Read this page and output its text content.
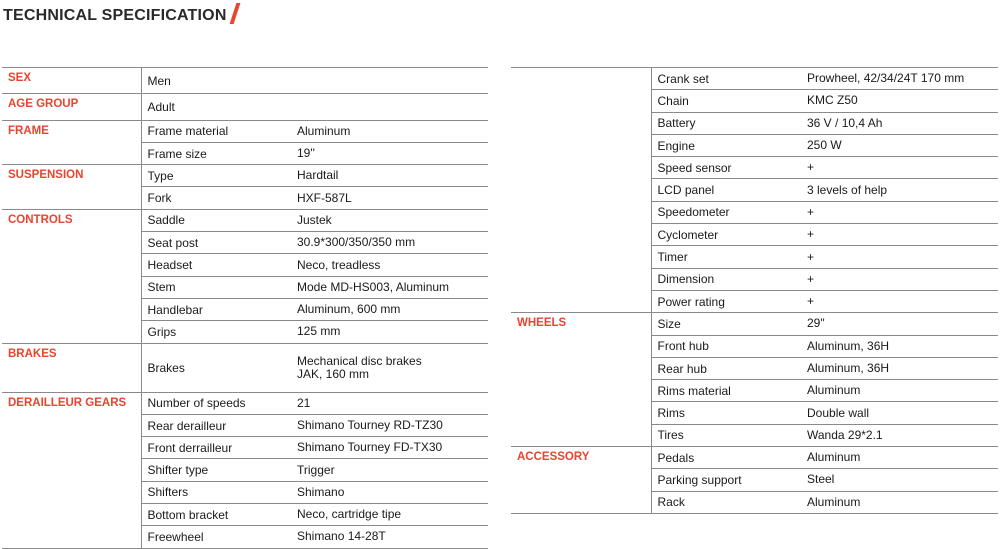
TECHNICAL SPECIFICATION
SEX	Men	

AGE GROUP	Adult	

FRAME	Frame material	Aluminum

	Frame size	19''

SUSPENSION	Type	Hardtail

	Fork	HXF-587L

CONTROLS	Saddle	Justek

	Seat post	30.9*300/350/350 mm

	Headset	Neco, treadless

	Stem	Mode MD-HS003, Aluminum

	Handlebar	Aluminum, 600 mm

	Grips	125 mm

BRAKES	Brakes	Mechanical disc brakes
JAK, 160 mm

DERAILLEUR GEARS	Number of speeds	21

	Rear derailleur	Shimano Tourney RD-TZ30

	Front derrailleur	Shimano Tourney FD-TX30

	Shifter type	Trigger

	Shifters	Shimano

	Bottom bracket	Neco, cartridge tipe

	Freewheel	Shimano 14-28T
	Crank set	Prowheel, 42/34/24T 170 mm

	Chain	KMC Z50

	Battery	36 V / 10,4 Ah

	Engine	250 W

	Speed sensor	+

	LCD panel	3 levels of help

	Speedometer	+

	Cyclometer	+

	Timer	+

	Dimension	+

	Power rating	+

WHEELS	Size	29"

	Front hub	Aluminum, 36H

	Rear hub	Aluminum, 36H

	Rims material	Aluminum

	Rims	Double wall

	Tires	Wanda 29*2.1

ACCESSORY	Pedals	Aluminum

	Parking support	Steel

	Rack	Aluminum
